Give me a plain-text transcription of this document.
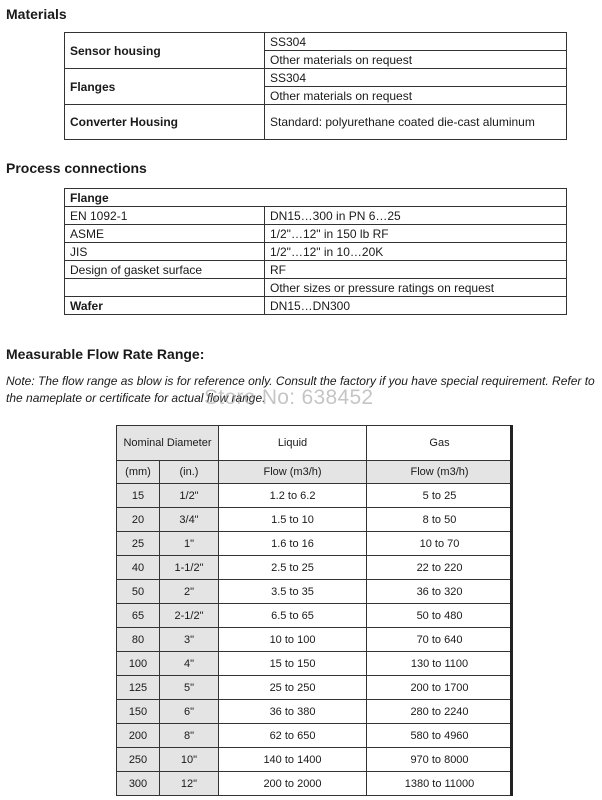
Materials
Sensor housing	SS304
	Other materials on request
Flanges	SS304
	Other materials on request
Converter Housing	Standard: polyurethane coated die-cast aluminum
Process connections
Flange	
EN 1092-1	DN15…300 in PN 6…25
ASME	1/2"…12" in 150 lb RF
JIS	1/2"…12" in 10…20K
Design of gasket surface	RF
	Other sizes or pressure ratings on request
Wafer	DN15…DN300
Measurable Flow Rate Range:
Note: The flow range as blow is for reference only. Consult the factory if you have special requirement. Refer to the nameplate or certificate for actual flow range.
Store No: 638452
Nominal Diameter		Liquid	Gas
(mm)	(in.)	Flow (m3/h)	Flow (m3/h)
15	1/2"	1.2 to 6.2	5 to 25
20	3/4"	1.5 to 10	8 to 50
25	1"	1.6 to 16	10 to 70
40	1-1/2"	2.5 to 25	22 to 220
50	2"	3.5 to 35	36 to 320
65	2-1/2"	6.5 to 65	50 to 480
80	3"	10 to 100	70 to 640
100	4"	15 to 150	130 to 1100
125	5"	25 to 250	200 to 1700
150	6"	36 to 380	280 to 2240
200	8"	62 to 650	580 to 4960
250	10"	140 to 1400	970 to 8000
300	12"	200 to 2000	1380 to 11000
